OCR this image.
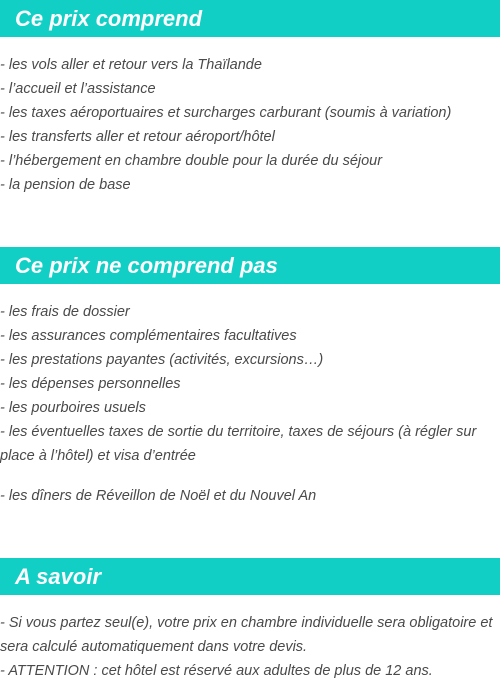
Ce prix comprend
- les vols aller et retour vers la Thaïlande
- l’accueil et l’assistance
- les taxes aéroportuaires et surcharges carburant (soumis à variation)
- les transferts aller et retour aéroport/hôtel
- l’hébergement en chambre double pour la durée du séjour
- la pension de base
Ce prix ne comprend pas
- les frais de dossier
- les assurances complémentaires facultatives
- les prestations payantes (activités, excursions…)
- les dépenses personnelles
- les pourboires usuels
- les éventuelles taxes de sortie du territoire, taxes de séjours (à régler sur place à l’hôtel) et visa d’entrée
- les dîners de Réveillon de Noël et du Nouvel An
A savoir
- Si vous partez seul(e), votre prix en chambre individuelle sera obligatoire et sera calculé automatiquement dans votre devis.
- ATTENTION : cet hôtel est réservé aux adultes de plus de 12 ans.
